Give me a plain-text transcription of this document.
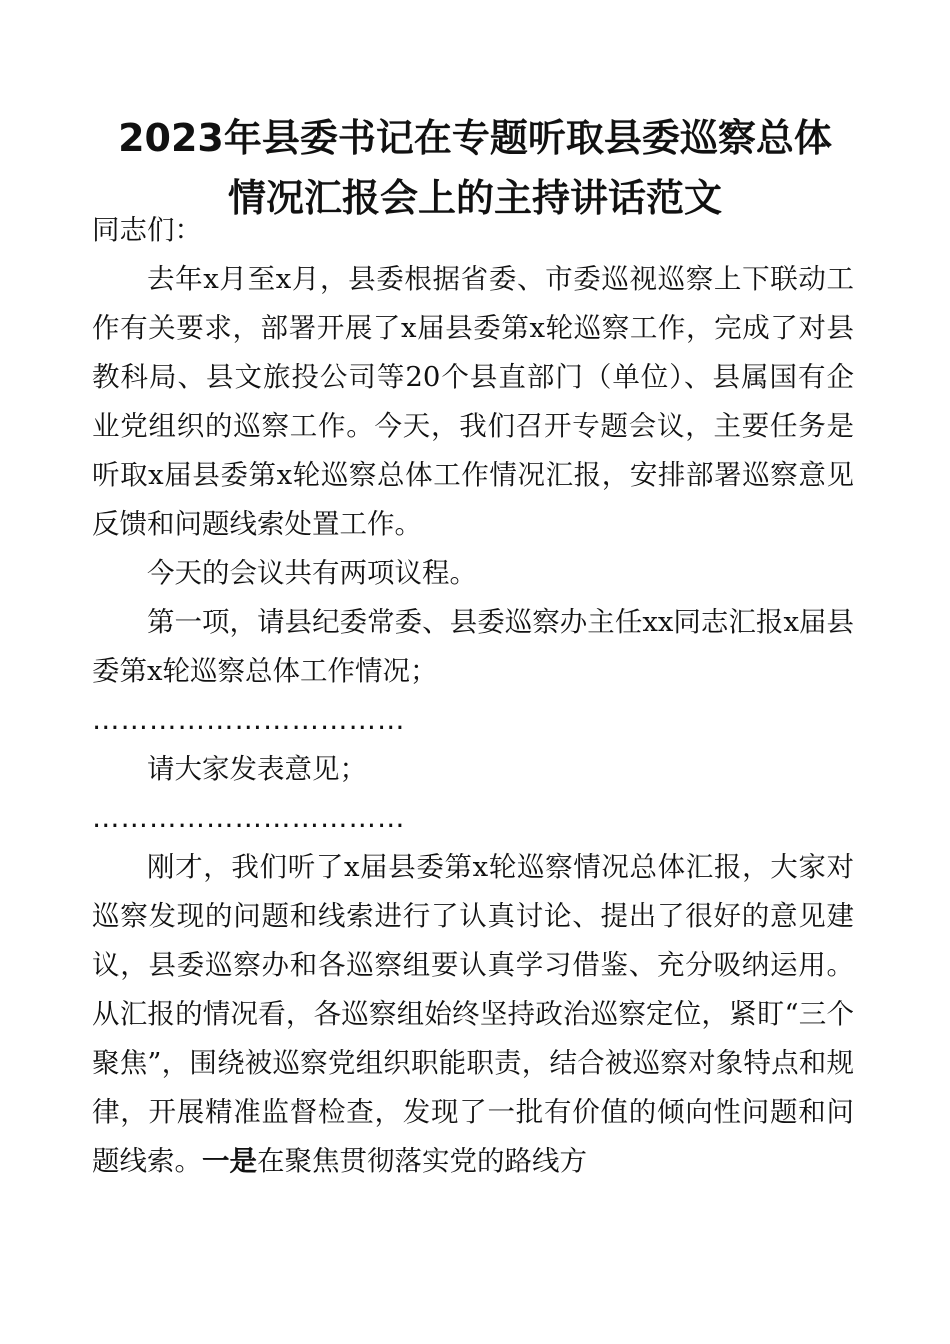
2023年县委书记在专题听取县委巡察总体
情况汇报会上的主持讲话范文

同志们：

去年x月至x月，县委根据省委、市委巡视巡察上下联动工作有关要求，部署开展了x届县委第x轮巡察工作，完成了对县教科局、县文旅投公司等20个县直部门（单位）、县属国有企业党组织的巡察工作。今天，我们召开专题会议，主要任务是听取x届县委第x轮巡察总体工作情况汇报，安排部署巡察意见反馈和问题线索处置工作。

今天的会议共有两项议程。

第一项，请县纪委常委、县委巡察办主任xx同志汇报x届县委第x轮巡察总体工作情况；

……………………………

请大家发表意见；

……………………………

刚才，我们听了x届县委第x轮巡察情况总体汇报，大家对巡察发现的问题和线索进行了认真讨论、提出了很好的意见建议，县委巡察办和各巡察组要认真学习借鉴、充分吸纳运用。从汇报的情况看，各巡察组始终坚持政治巡察定位，紧盯“三个聚焦”，围绕被巡察党组织职能职责，结合被巡察对象特点和规律，开展精准监督检查，发现了一批有价值的倾向性问题和问题线索。一是在聚焦贯彻落实党的路线方
